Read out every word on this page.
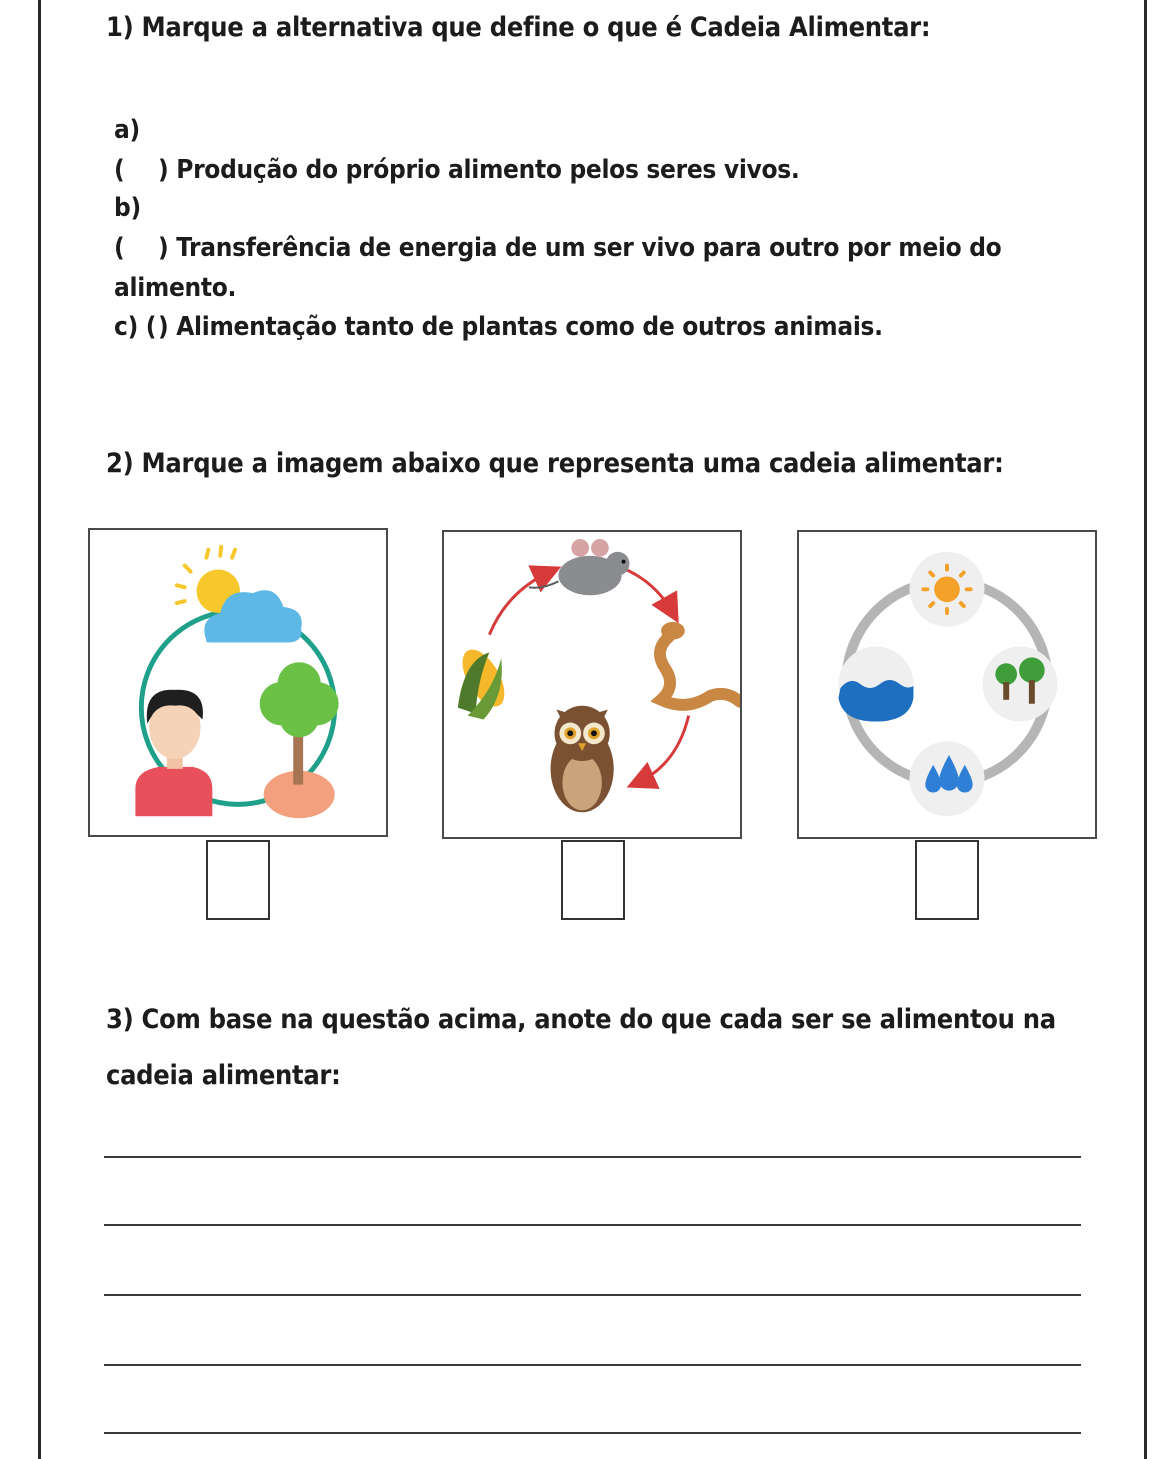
1) Marque a alternativa que define o que é Cadeia Alimentar:

a) ( ) Produção do próprio alimento pelos seres vivos.

b) ( ) Transferência de energia de um ser vivo para outro por meio do alimento.

c) () Alimentação tanto de plantas como de outros animais.

2) Marque a imagem abaixo que representa uma cadeia alimentar:

3) Com base na questão acima, anote do que cada ser se alimentou na

cadeia alimentar:
